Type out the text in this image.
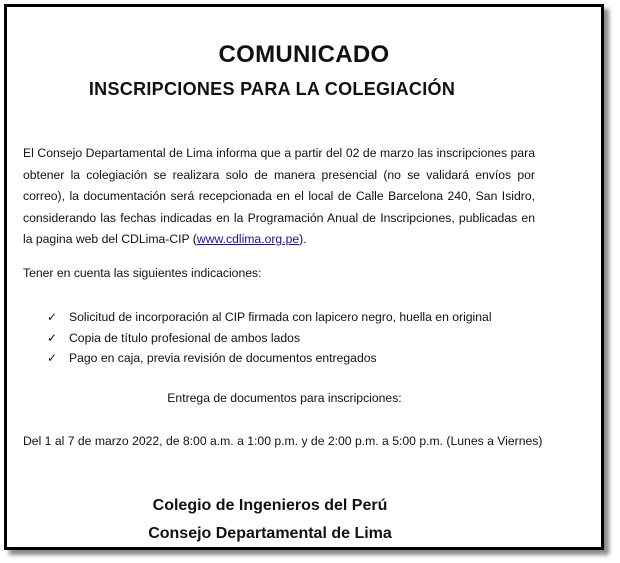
COMUNICADO
INSCRIPCIONES PARA LA COLEGIACIÓN
El Consejo Departamental de Lima informa que a partir del 02 de marzo las inscripciones para obtener la colegiación se realizara solo de manera presencial (no se validará envíos por correo), la documentación será recepcionada en el local de Calle Barcelona 240, San Isidro, considerando las fechas indicadas en la Programación Anual de Inscripciones, publicadas en la pagina web del CDLima-CIP (www.cdlima.org.pe).
Tener en cuenta las siguientes indicaciones:
✓ Solicitud de incorporación al CIP firmada con lapicero negro, huella en original
✓ Copia de título profesional de ambos lados
✓ Pago en caja, previa revisión de documentos entregados
Entrega de documentos para inscripciones:
Del 1 al 7 de marzo 2022, de 8:00 a.m. a 1:00 p.m. y de 2:00 p.m. a 5:00 p.m. (Lunes a Viernes)
Colegio de Ingenieros del Perú
Consejo Departamental de Lima
